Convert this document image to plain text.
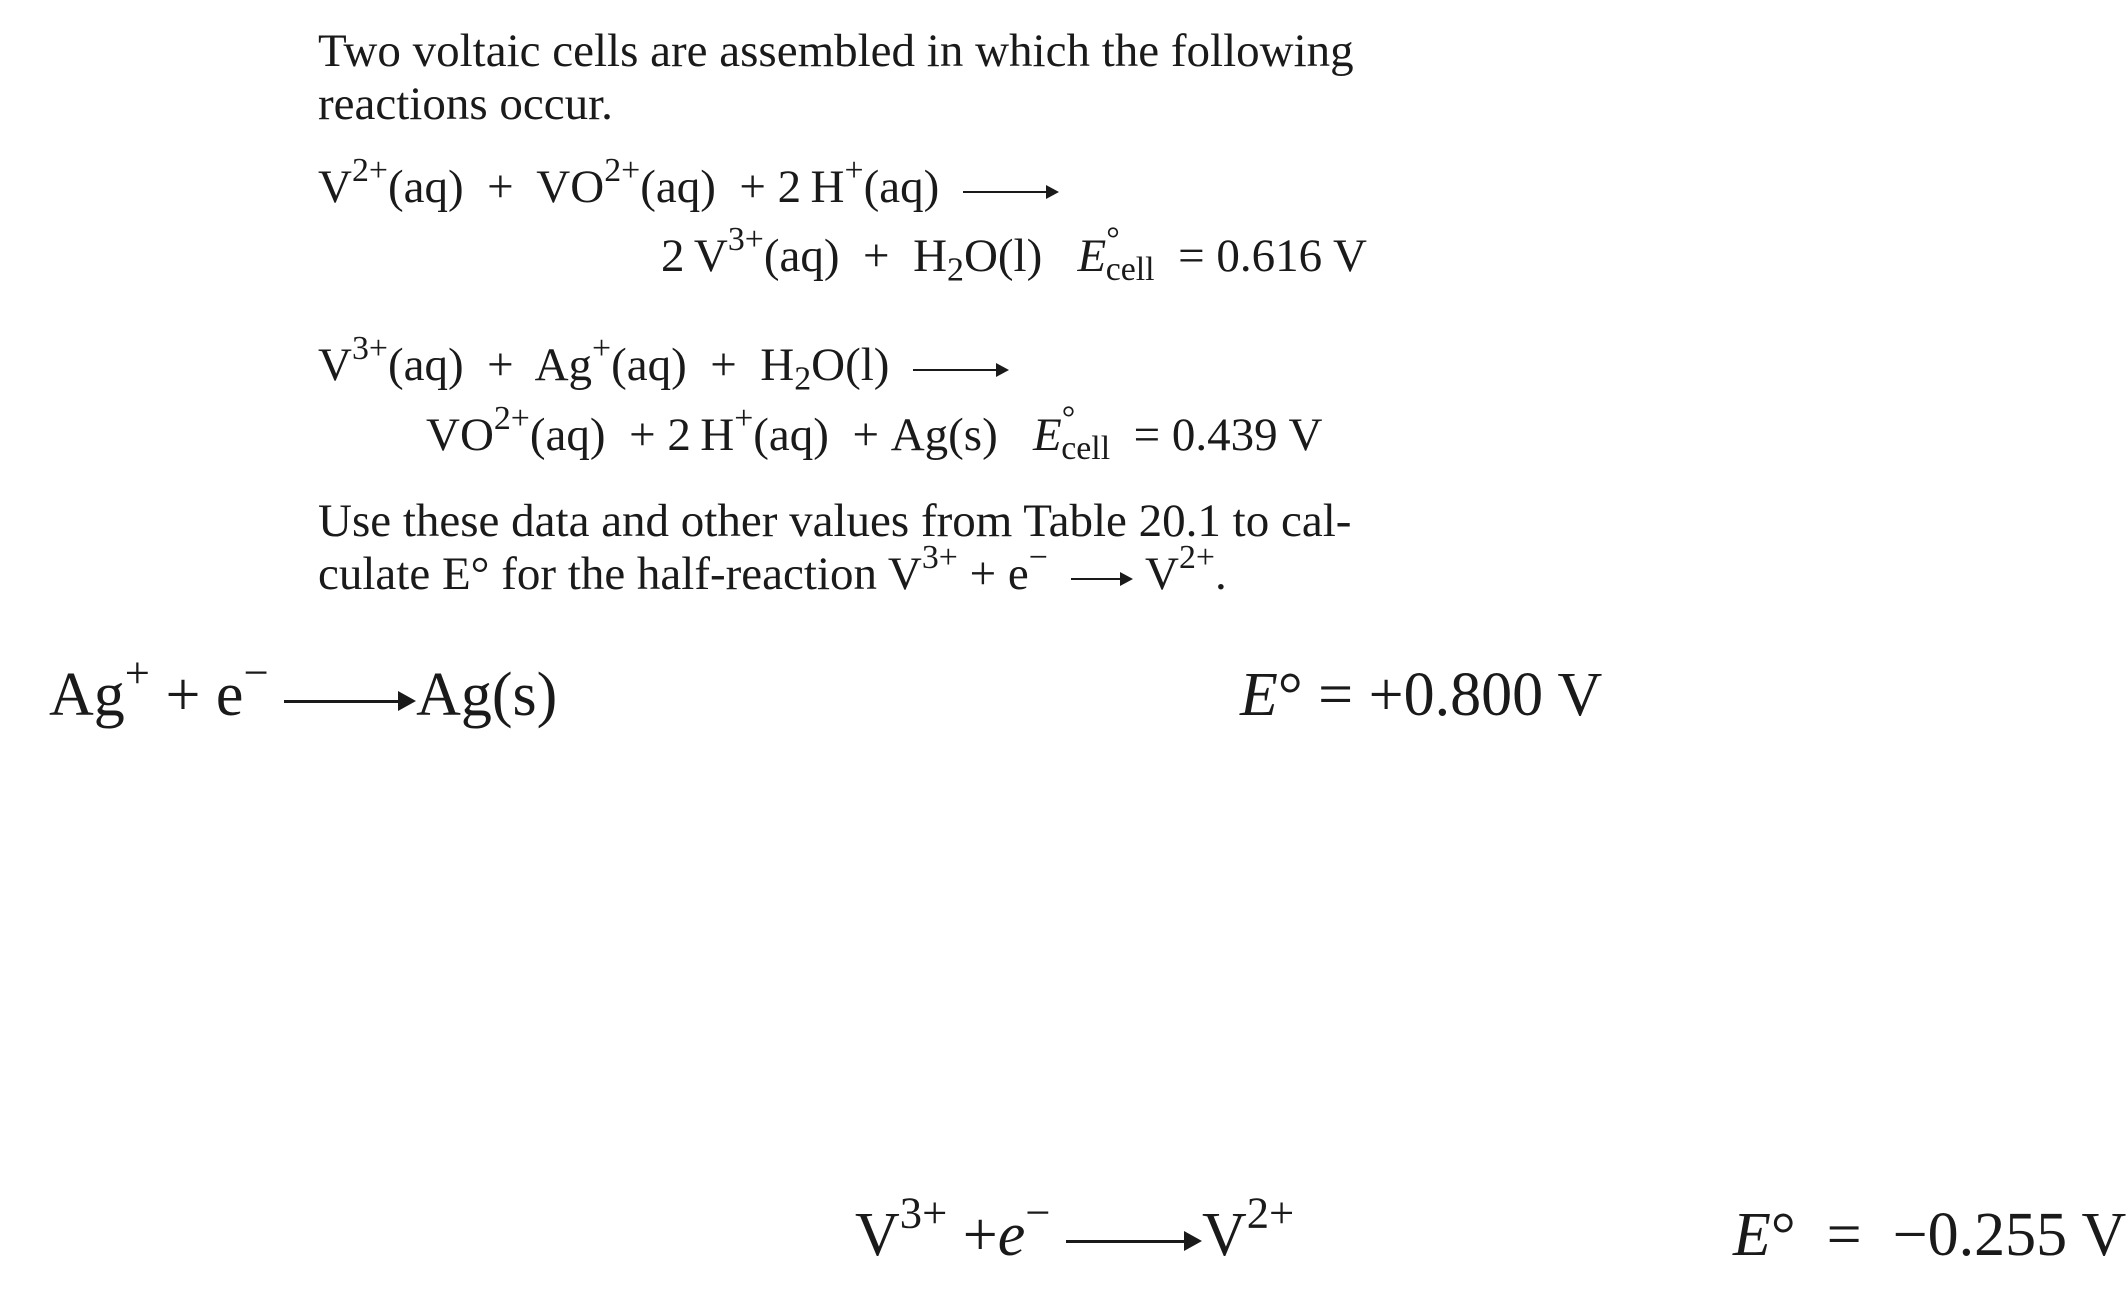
Two voltaic cells are assembled in which the following
reactions occur.
$V^{2+}(aq) + VO^{2+}(aq) + 2$  H+(aq)
2  $V^{3+}(aq) + H_2O(l) E^\circ_{cell} = 0.616$ V
$V^{3+}(aq) + Ag^+(aq) + H_2O(l)$
$VO^{2+}(aq) + 2$  H+(aq) + Ag(s) $E^\circ_{cell} = 0.439$ V
Use these data and other values from Table 20.1 to cal-
culate E° for the half-reaction $V^{3+} + e^-$ $V^{2+}$.
Ag+ + e− Ag(s)	E° = +0.800 V
$V^{3+} +e^-$ $V^{2+}$	E° = −0.255 V
